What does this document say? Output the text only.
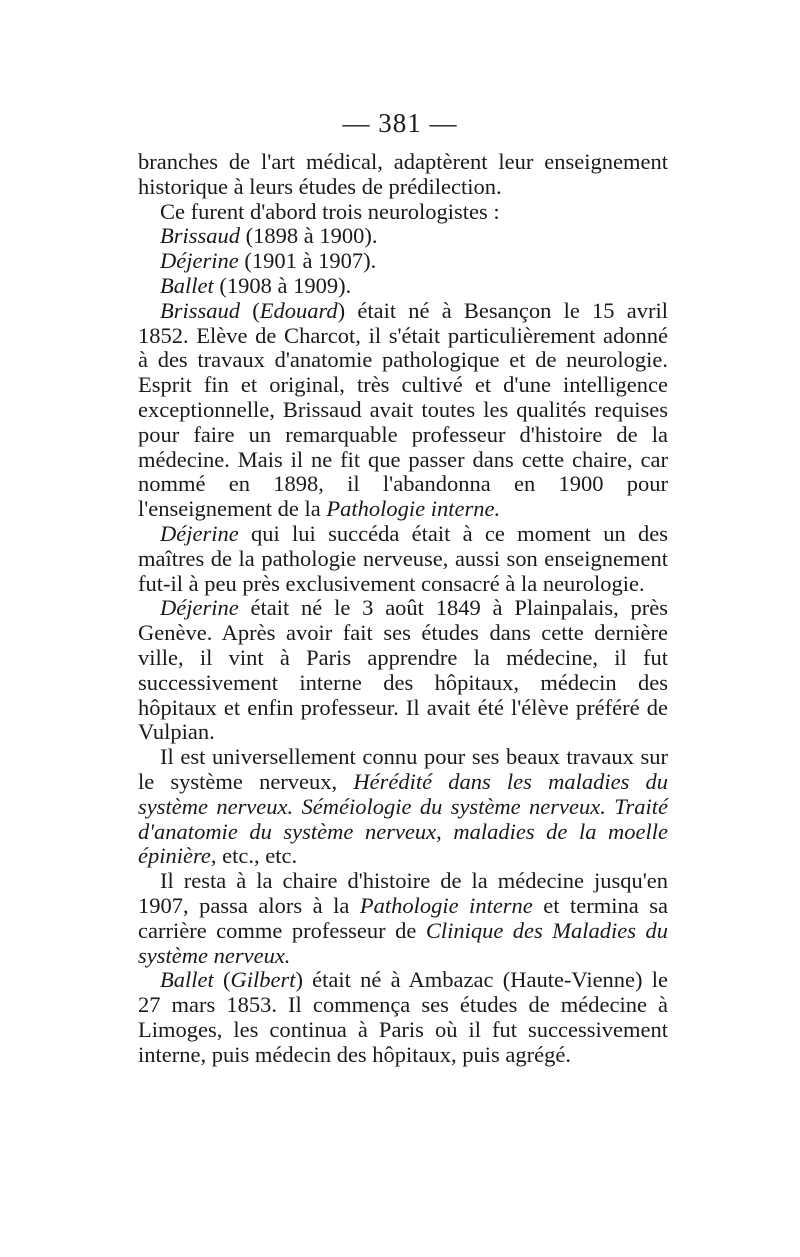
— 381 —

branches de l'art médical, adaptèrent leur enseignement historique à leurs études de prédilection.

Ce furent d'abord trois neurologistes :

Brissaud (1898 à 1900).

Déjerine (1901 à 1907).

Ballet (1908 à 1909).

Brissaud (Edouard) était né à Besançon le 15 avril 1852. Elève de Charcot, il s'était particulièrement adonné à des travaux d'anatomie pathologique et de neurologie. Esprit fin et original, très cultivé et d'une intelligence exceptionnelle, Brissaud avait toutes les qualités requises pour faire un remarquable professeur d'histoire de la médecine. Mais il ne fit que passer dans cette chaire, car nommé en 1898, il l'abandonna en 1900 pour l'enseignement de la Pathologie interne.

Déjerine qui lui succéda était à ce moment un des maîtres de la pathologie nerveuse, aussi son enseignement fut-il à peu près exclusivement consacré à la neurologie.

Déjerine était né le 3 août 1849 à Plainpalais, près Genève. Après avoir fait ses études dans cette dernière ville, il vint à Paris apprendre la médecine, il fut successivement interne des hôpitaux, médecin des hôpitaux et enfin professeur. Il avait été l'élève préféré de Vulpian.

Il est universellement connu pour ses beaux travaux sur le système nerveux, Hérédité dans les maladies du système nerveux. Séméiologie du système nerveux. Traité d'anatomie du système nerveux, maladies de la moelle épinière, etc., etc.

Il resta à la chaire d'histoire de la médecine jusqu'en 1907, passa alors à la Pathologie interne et termina sa carrière comme professeur de Clinique des Maladies du système nerveux.

Ballet (Gilbert) était né à Ambazac (Haute-Vienne) le 27 mars 1853. Il commença ses études de médecine à Limoges, les continua à Paris où il fut successivement interne, puis médecin des hôpitaux, puis agrégé.
